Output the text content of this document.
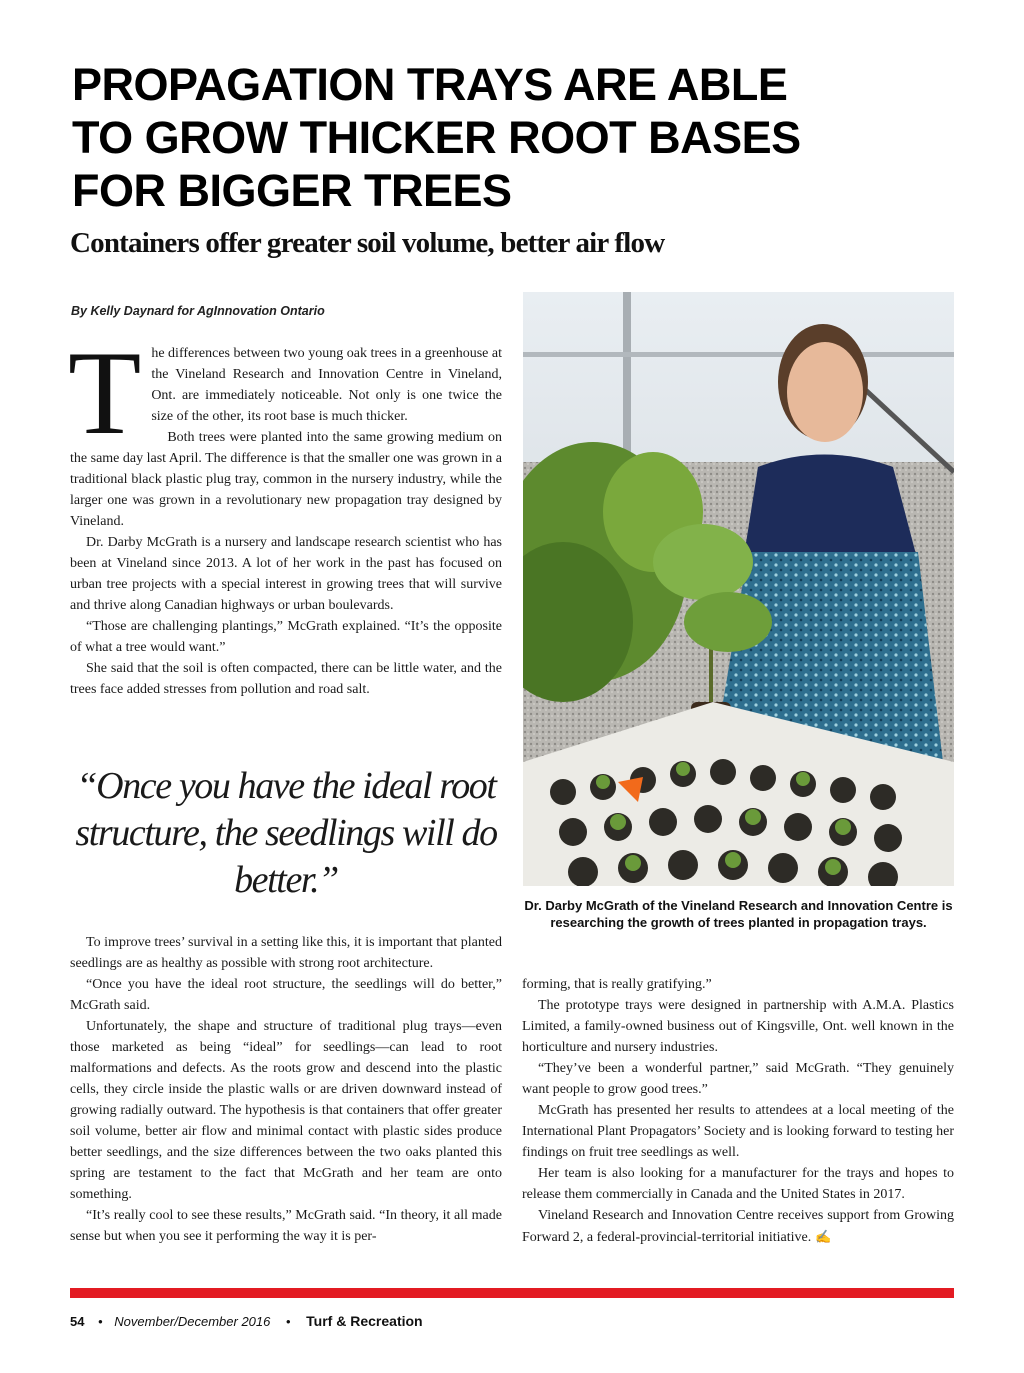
PROPAGATION TRAYS ARE ABLE
TO GROW THICKER ROOT BASES
FOR BIGGER TREES
Containers offer greater soil volume, better air flow

By Kelly Daynard for AgInnovation Ontario

T he differences between two young oak trees in a greenhouse at the Vineland Research and Innovation Centre in Vineland, Ont. are immediately noticeable. Not only is one twice the size of the other, its root base is much thicker.

Both trees were planted into the same growing medium on the same day last April. The difference is that the smaller one was grown in a traditional black plastic plug tray, common in the nursery industry, while the larger one was grown in a revolutionary new propagation tray designed by Vineland.

Dr. Darby McGrath is a nursery and landscape research scientist who has been at Vineland since 2013. A lot of her work in the past has focused on urban tree projects with a special interest in growing trees that will survive and thrive along Canadian highways or urban boulevards.

“Those are challenging plantings,” McGrath explained. “It’s the opposite of what a tree would want.”

She said that the soil is often compacted, there can be little water, and the trees face added stresses from pollution and road salt.

“Once you have the ideal root structure, the seedlings will do better.”

To improve trees’ survival in a setting like this, it is important that planted seedlings are as healthy as possible with strong root architecture.

“Once you have the ideal root structure, the seedlings will do better,” McGrath said.

Unfortunately, the shape and structure of traditional plug trays—even those marketed as being “ideal” for seedlings—can lead to root malformations and defects. As the roots grow and descend into the plastic cells, they circle inside the plastic walls or are driven downward instead of growing radially outward. The hypothesis is that containers that offer greater soil volume, better air flow and minimal contact with plastic sides produce better seedlings, and the size differences between the two oaks planted this spring are testament to the fact that McGrath and her team are onto something.

“It’s really cool to see these results,” McGrath said. “In theory, it all made sense but when you see it performing the way it is per-

Dr. Darby McGrath of the Vineland Research and Innovation Centre is researching the growth of trees planted in propagation trays.

forming, that is really gratifying.”

The prototype trays were designed in partnership with A.M.A. Plastics Limited, a family-owned business out of Kingsville, Ont. well known in the horticulture and nursery industries.

“They’ve been a wonderful partner,” said McGrath. “They genuinely want people to grow good trees.”

McGrath has presented her results to attendees at a local meeting of the International Plant Propagators’ Society and is looking forward to testing her findings on fruit tree seedlings as well.

Her team is also looking for a manufacturer for the trays and hopes to release them commercially in Canada and the United States in 2017.

Vineland Research and Innovation Centre receives support from Growing Forward 2, a federal-provincial-territorial initiative. ✍

54 • November/December 2016 • Turf & Recreation
